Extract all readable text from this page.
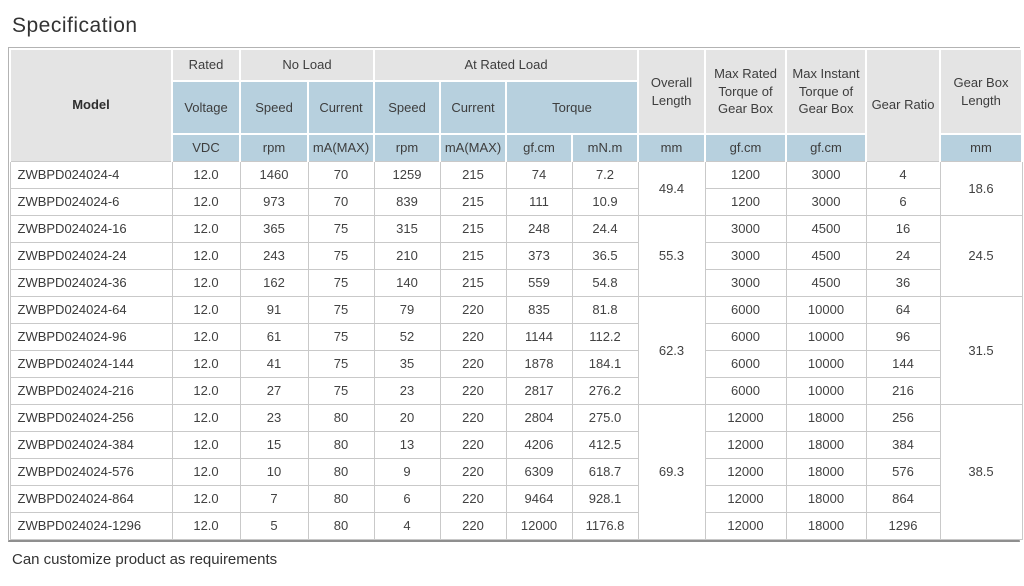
Specification
Model	Rated	No Load		At Rated Load				Overall Length	Max Rated Torque of Gear Box	Max Instant Torque of Gear Box	Gear Ratio	Gear Box Length
	Voltage	Speed	Current	Speed	Current	Torque						
	VDC	rpm	mA(MAX)	rpm	mA(MAX)	gf.cm	mN.m	mm	gf.cm	gf.cm		mm
ZWBPD024024-4	12.0	1460	70	1259	215	74	7.2	49.4	1200	3000	4	18.6
ZWBPD024024-6	12.0	973	70	839	215	111	10.9		1200	3000	6	
ZWBPD024024-16	12.0	365	75	315	215	248	24.4	55.3	3000	4500	16	24.5
ZWBPD024024-24	12.0	243	75	210	215	373	36.5		3000	4500	24	
ZWBPD024024-36	12.0	162	75	140	215	559	54.8		3000	4500	36	
ZWBPD024024-64	12.0	91	75	79	220	835	81.8	62.3	6000	10000	64	31.5
ZWBPD024024-96	12.0	61	75	52	220	1144	112.2		6000	10000	96	
ZWBPD024024-144	12.0	41	75	35	220	1878	184.1		6000	10000	144	
ZWBPD024024-216	12.0	27	75	23	220	2817	276.2		6000	10000	216	
ZWBPD024024-256	12.0	23	80	20	220	2804	275.0	69.3	12000	18000	256	38.5
ZWBPD024024-384	12.0	15	80	13	220	4206	412.5		12000	18000	384	
ZWBPD024024-576	12.0	10	80	9	220	6309	618.7		12000	18000	576	
ZWBPD024024-864	12.0	7	80	6	220	9464	928.1		12000	18000	864	
ZWBPD024024-1296	12.0	5	80	4	220	12000	1176.8		12000	18000	1296	

Can customize product as requirements
